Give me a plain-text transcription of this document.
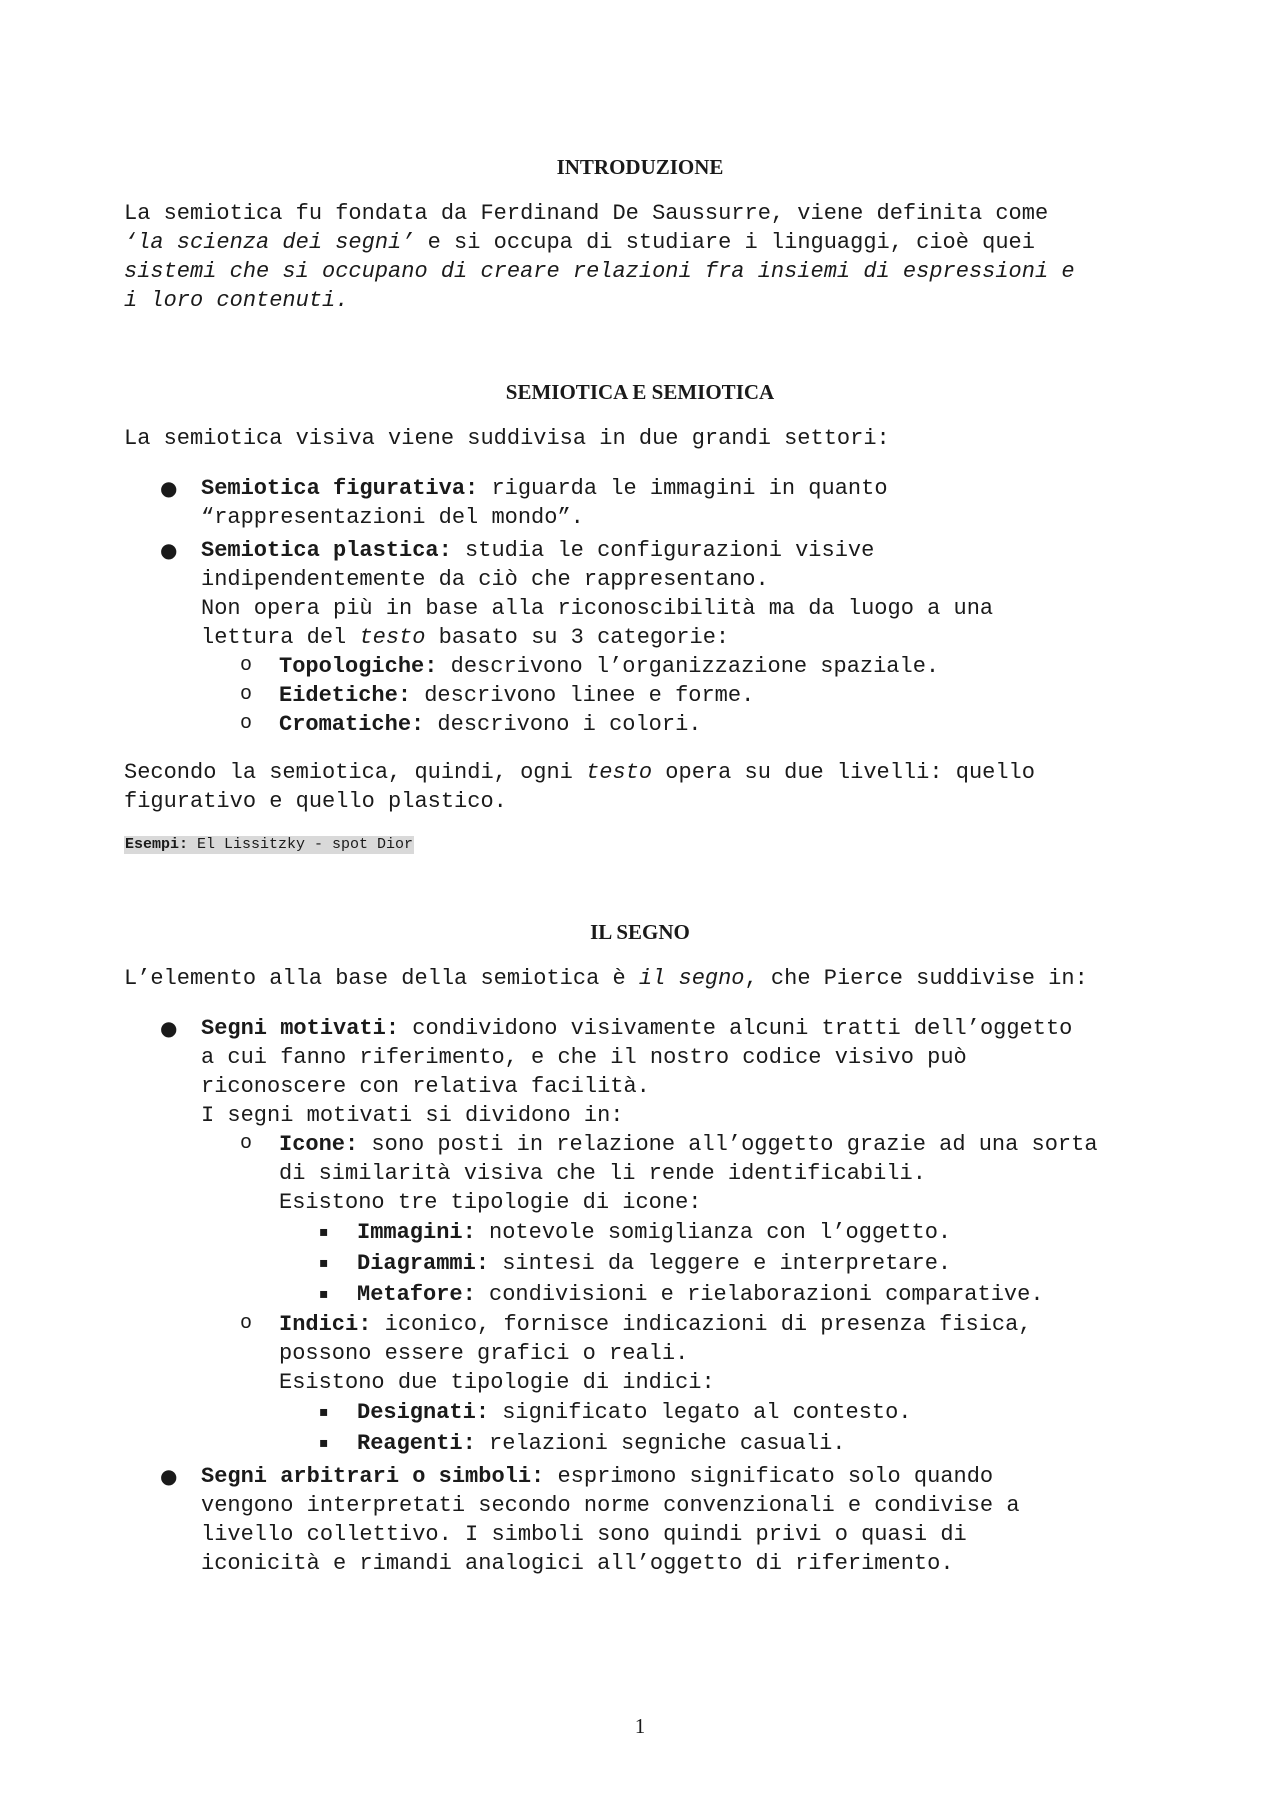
INTRODUZIONE
La semiotica fu fondata da Ferdinand De Saussurre, viene definita come
‘la scienza dei segni’ e si occupa di studiare i linguaggi, cioè quei
sistemi che si occupano di creare relazioni fra insiemi di espressioni e
i loro contenuti.
SEMIOTICA E SEMIOTICA
La semiotica visiva viene suddivisa in due grandi settori:
● Semiotica figurativa: riguarda le immagini in quanto
“rappresentazioni del mondo”.
● Semiotica plastica: studia le configurazioni visive
indipendentemente da ciò che rappresentano.
Non opera più in base alla riconoscibilità ma da luogo a una
lettura del testo basato su 3 categorie:
o Topologiche: descrivono l’organizzazione spaziale.
o Eidetiche: descrivono linee e forme.
o Cromatiche: descrivono i colori.
Secondo la semiotica, quindi, ogni testo opera su due livelli: quello
figurativo e quello plastico.
Esempi: El Lissitzky - spot Dior
IL SEGNO
L’elemento alla base della semiotica è il segno, che Pierce suddivise in:
● Segni motivati: condividono visivamente alcuni tratti dell’oggetto
a cui fanno riferimento, e che il nostro codice visivo può
riconoscere con relativa facilità.
I segni motivati si dividono in:
o Icone: sono posti in relazione all’oggetto grazie ad una sorta
di similarità visiva che li rende identificabili.
Esistono tre tipologie di icone:
▪ Immagini: notevole somiglianza con l’oggetto.
▪ Diagrammi: sintesi da leggere e interpretare.
▪ Metafore: condivisioni e rielaborazioni comparative.
o Indici: iconico, fornisce indicazioni di presenza fisica,
possono essere grafici o reali.
Esistono due tipologie di indici:
▪ Designati: significato legato al contesto.
▪ Reagenti: relazioni segniche casuali.
● Segni arbitrari o simboli: esprimono significato solo quando
vengono interpretati secondo norme convenzionali e condivise a
livello collettivo. I simboli sono quindi privi o quasi di
iconicità e rimandi analogici all’oggetto di riferimento.
1
